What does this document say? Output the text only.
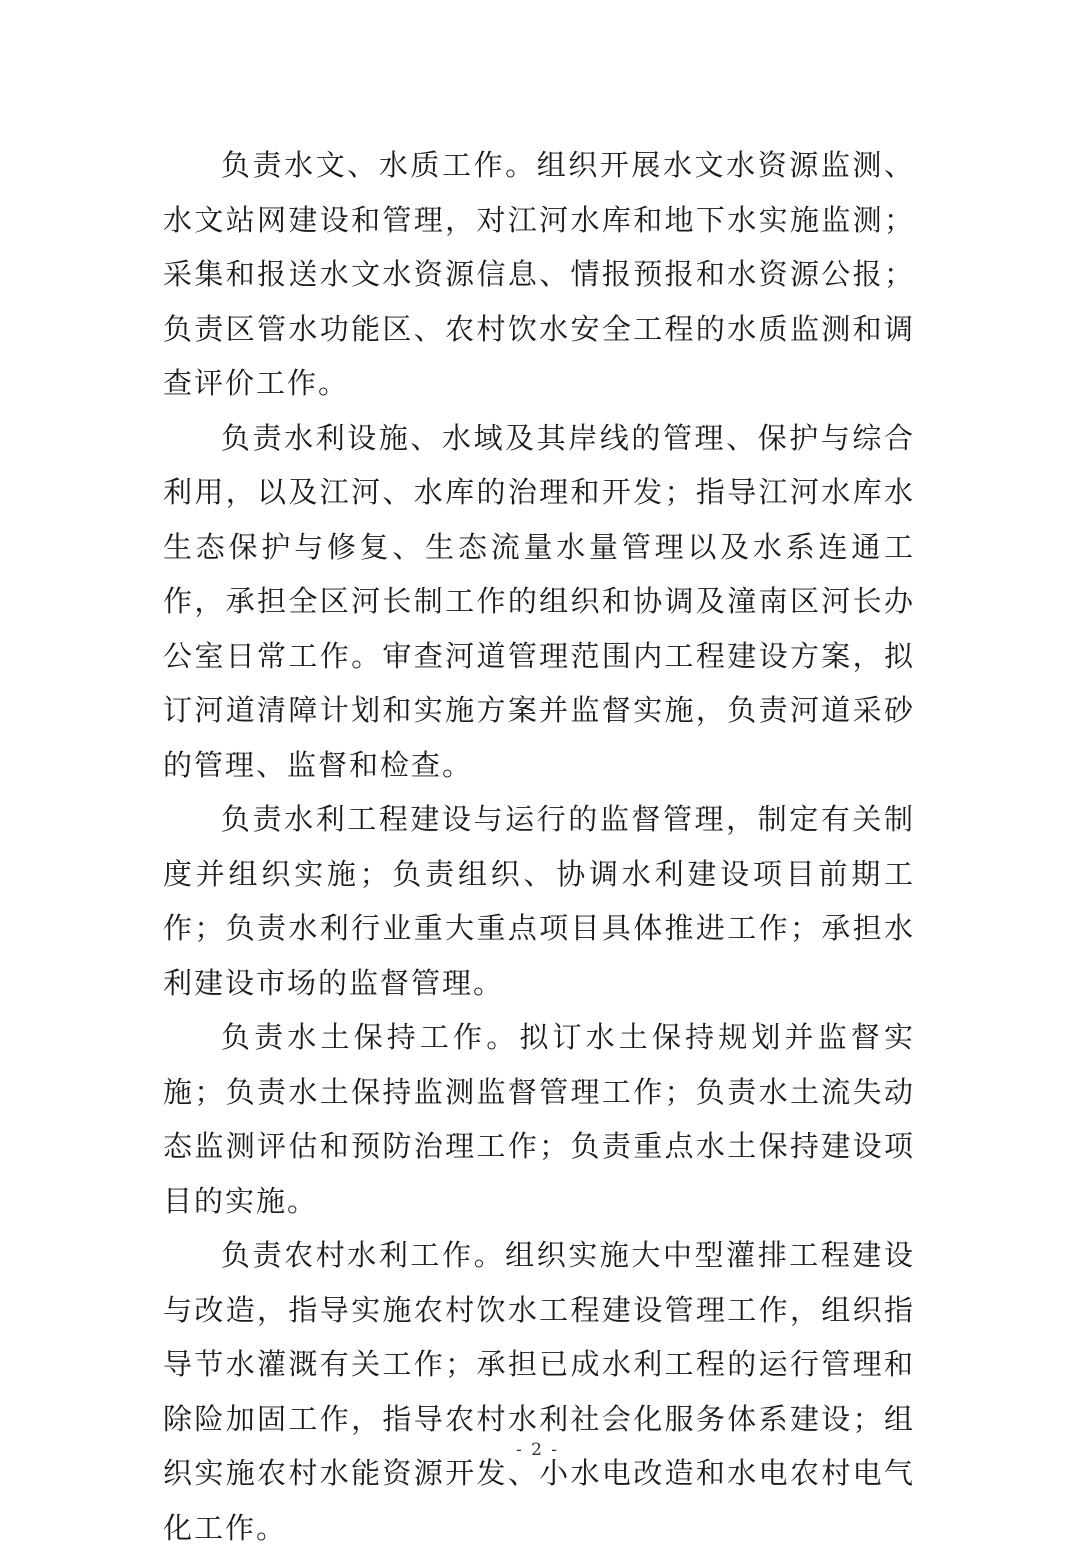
负责水文、水质工作。组织开展水文水资源监测、水文站网建设和管理，对江河水库和地下水实施监测；采集和报送水文水资源信息、情报预报和水资源公报；负责区管水功能区、农村饮水安全工程的水质监测和调查评价工作。

负责水利设施、水域及其岸线的管理、保护与综合利用，以及江河、水库的治理和开发；指导江河水库水生态保护与修复、生态流量水量管理以及水系连通工作，承担全区河长制工作的组织和协调及潼南区河长办公室日常工作。审查河道管理范围内工程建设方案，拟订河道清障计划和实施方案并监督实施，负责河道采砂的管理、监督和检查。

负责水利工程建设与运行的监督管理，制定有关制度并组织实施；负责组织、协调水利建设项目前期工作；负责水利行业重大重点项目具体推进工作；承担水利建设市场的监督管理。

负责水土保持工作。拟订水土保持规划并监督实施；负责水土保持监测监督管理工作；负责水土流失动态监测评估和预防治理工作；负责重点水土保持建设项目的实施。

负责农村水利工作。组织实施大中型灌排工程建设与改造，指导实施农村饮水工程建设管理工作，组织指导节水灌溉有关工作；承担已成水利工程的运行管理和除险加固工作，指导农村水利社会化服务体系建设；组织实施农村水能资源开发、小水电改造和水电农村电气化工作。

- 2 -
